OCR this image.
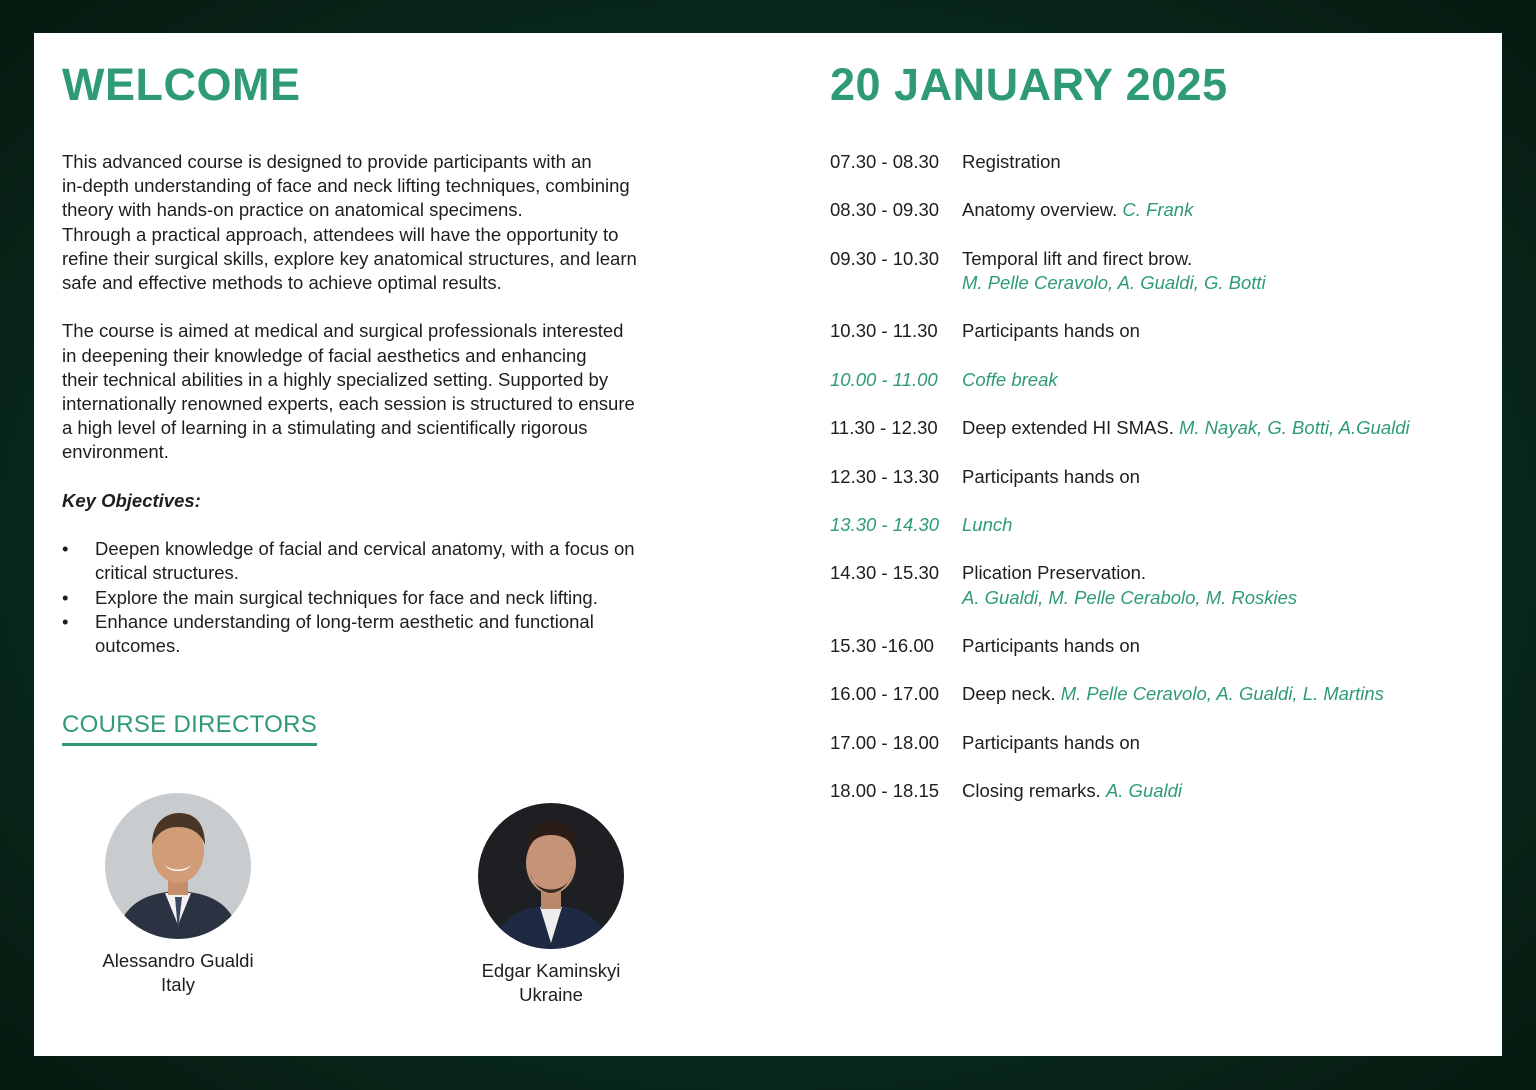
WELCOME

This advanced course is designed to provide participants with an
in-depth understanding of face and neck lifting techniques, combining
theory with hands-on practice on anatomical specimens.
Through a practical approach, attendees will have the opportunity to
refine their surgical skills, explore key anatomical structures, and learn
safe and effective methods to achieve optimal results.

The course is aimed at medical and surgical professionals interested
in deepening their knowledge of facial aesthetics and enhancing
their technical abilities in a highly specialized setting. Supported by
internationally renowned experts, each session is structured to ensure
a high level of learning in a stimulating and scientifically rigorous
environment.

Key Objectives:
• Deepen knowledge of facial and cervical anatomy, with a focus on
critical structures.
• Explore the main surgical techniques for face and neck lifting.
• Enhance understanding of long-term aesthetic and functional
outcomes.
COURSE DIRECTORS
Alessandro Gualdi
Italy
Edgar Kaminskyi
Ukraine
20 JANUARY 2025
07.30 - 08.30	Registration
08.30 - 09.30	Anatomy overview. C. Frank
09.30 - 10.30	Temporal lift and firect brow.
M. Pelle Ceravolo, A. Gualdi, G. Botti
10.30 - 11.30	Participants hands on
10.00 - 11.00	Coffe break
11.30 - 12.30	Deep extended HI SMAS. M. Nayak, G. Botti, A.Gualdi
12.30 - 13.30	Participants hands on
13.30 - 14.30	Lunch
14.30 - 15.30	Plication Preservation.
A. Gualdi, M. Pelle Cerabolo, M. Roskies
15.30 -16.00	Participants hands on
16.00 - 17.00	Deep neck. M. Pelle Ceravolo, A. Gualdi, L. Martins
17.00 - 18.00	Participants hands on
18.00 - 18.15	Closing remarks. A. Gualdi
